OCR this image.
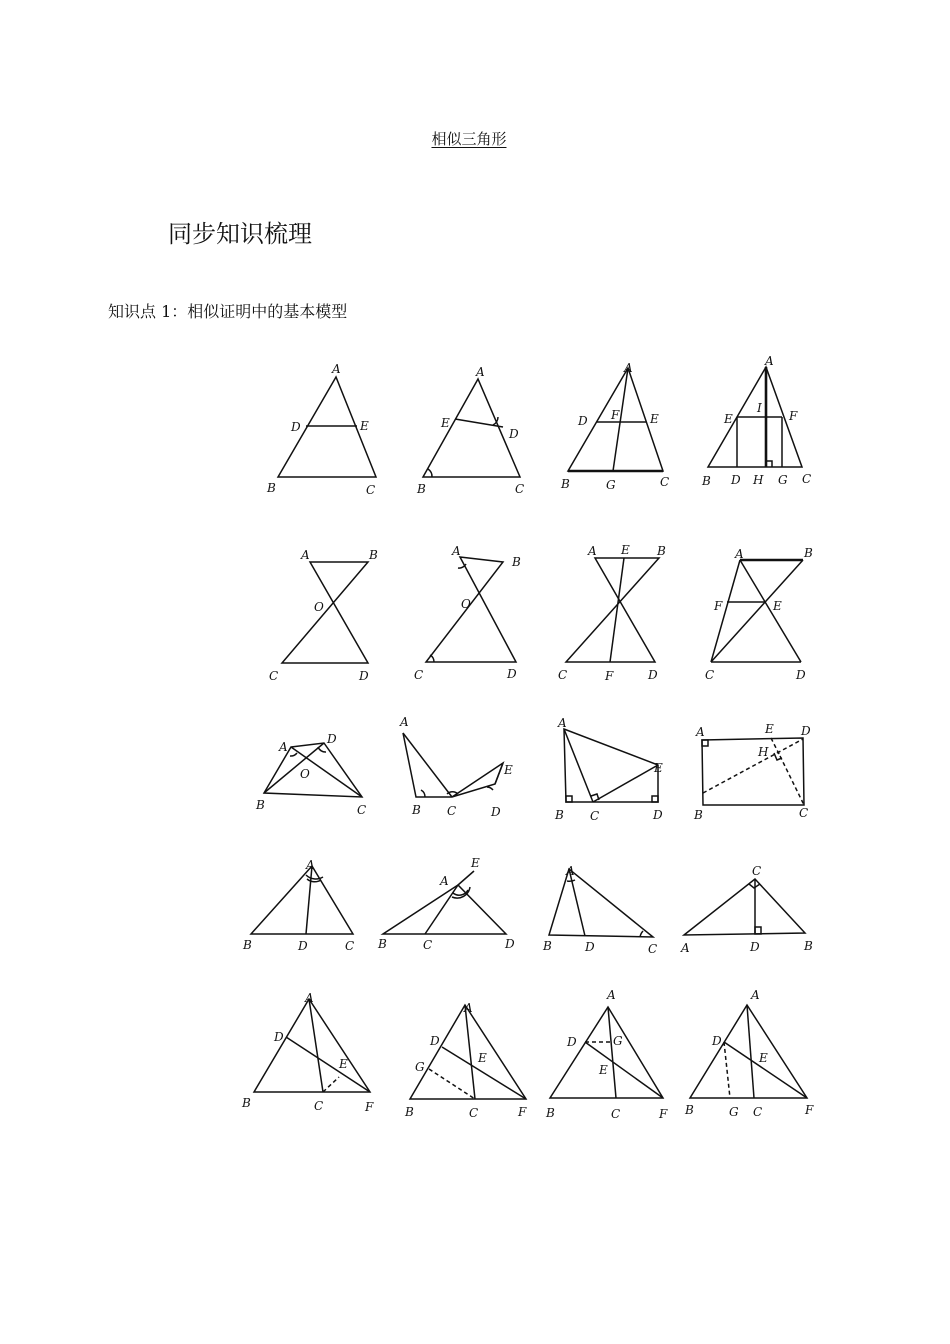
相似三角形
同步知识梳理
知识点 1：相似证明中的基本模型
A
D	E
B	C
A
E
D
B	C
A
D F	E
B	G	C
A
E
I
F
B D H G C
A	B
O
C	D
A
B
O
C	D
A E B
C	F	D
A	B
F	E
C	D
A
D
O
B	C
A
E
B C	D
A
E
B C	D
A	E D
H
B	C
A
B	D	C
E
A
B	C	D
A
B	D	C
C
A	D	B
A
D
E
B	C	F
A
D
E
G
B	C	F
A
D	G
E
B	C	F
A
D
E
B	G C	F
